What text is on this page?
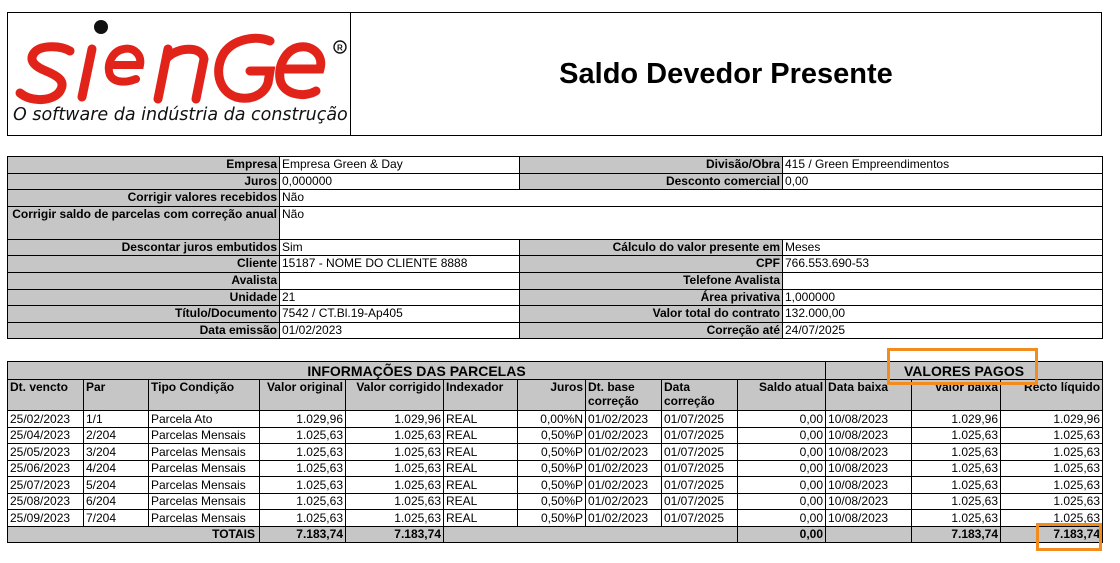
R
O software da indústria da construção
Saldo Devedor Presente
Empresa	Empresa Green & Day	Divisão/Obra	415 / Green Empreendimentos
Juros	0,000000	Desconto comercial	0,00
Corrigir valores recebidos	Não		
Corrigir saldo de parcelas com correção anual	Não		
Descontar juros embutidos	Sim	Cálculo do valor presente em	Meses
Cliente	15187 - NOME DO CLIENTE 8888	CPF	766.553.690-53
Avalista		Telefone Avalista	
Unidade	21	Área privativa	1,000000
Título/Documento	7542 / CT.Bl.19-Ap405	Valor total do contrato	132.000,00
Data emissão	01/02/2023	Correção até	24/07/2025
INFORMAÇÕES DAS PARCELAS										VALORES PAGOS		
Dt. vencto	Par	Tipo Condição	Valor original	Valor corrigido	Indexador	Juros	Dt. base correção	Data correção	Saldo atual	Data baixa	Valor baixa	Recto líquido
25/02/2023	1/1	Parcela Ato	1.029,96	1.029,96	REAL	0,00%N	01/02/2023	01/07/2025	0,00	10/08/2023	1.029,96	1.029,96
25/04/2023	2/204	Parcelas Mensais	1.025,63	1.025,63	REAL	0,50%P	01/02/2023	01/07/2025	0,00	10/08/2023	1.025,63	1.025,63
25/05/2023	3/204	Parcelas Mensais	1.025,63	1.025,63	REAL	0,50%P	01/02/2023	01/07/2025	0,00	10/08/2023	1.025,63	1.025,63
25/06/2023	4/204	Parcelas Mensais	1.025,63	1.025,63	REAL	0,50%P	01/02/2023	01/07/2025	0,00	10/08/2023	1.025,63	1.025,63
25/07/2023	5/204	Parcelas Mensais	1.025,63	1.025,63	REAL	0,50%P	01/02/2023	01/07/2025	0,00	10/08/2023	1.025,63	1.025,63
25/08/2023	6/204	Parcelas Mensais	1.025,63	1.025,63	REAL	0,50%P	01/02/2023	01/07/2025	0,00	10/08/2023	1.025,63	1.025,63
25/09/2023	7/204	Parcelas Mensais	1.025,63	1.025,63	REAL	0,50%P	01/02/2023	01/07/2025	0,00	10/08/2023	1.025,63	1.025,63
TOTAIS			7.183,74	7.183,74					0,00		7.183,74	7.183,74
